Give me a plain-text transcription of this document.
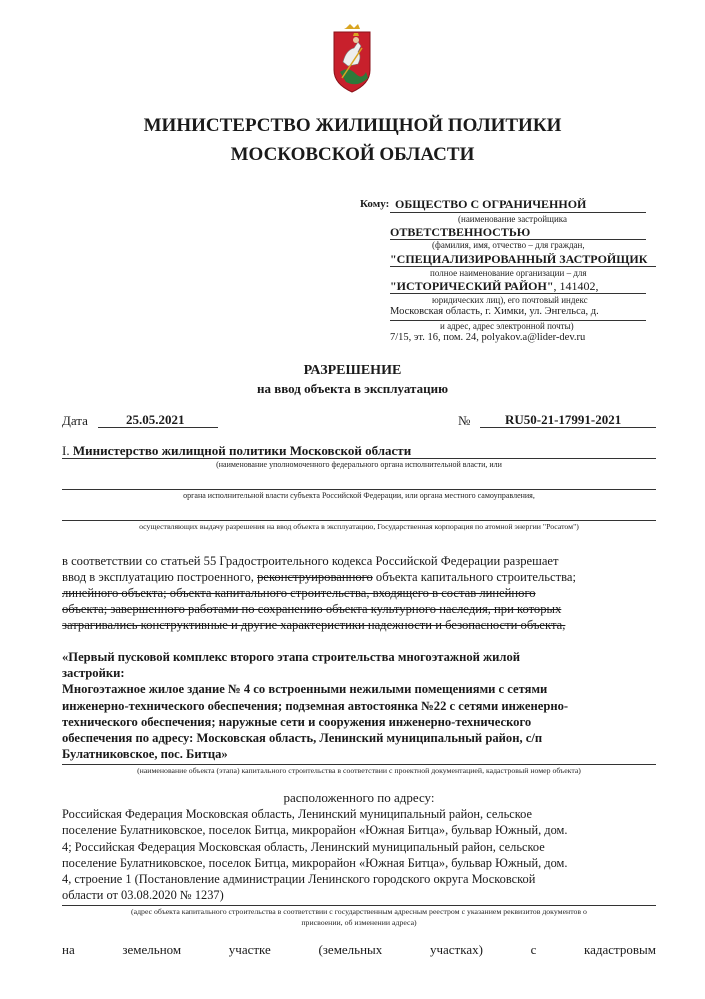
МИНИСТЕРСТВО ЖИЛИЩНОЙ ПОЛИТИКИ
МОСКОВСКОЙ ОБЛАСТИ
Кому: ОБЩЕСТВО С ОГРАНИЧЕННОЙ
(наименование застройщика
ОТВЕТСТВЕННОСТЬЮ
(фамилия, имя, отчество – для граждан,
"СПЕЦИАЛИЗИРОВАННЫЙ ЗАСТРОЙЩИК
полное наименование организации – для
"ИСТОРИЧЕСКИЙ РАЙОН", 141402,
юридических лиц), его почтовый индекс
Московская область, г. Химки, ул. Энгельса, д.
и адрес, адрес электронной почты)
7/15, эт. 16, пом. 24, polyakov.a@lider-dev.ru
РАЗРЕШЕНИЕ
на ввод объекта в эксплуатацию
Дата	25.05.2021	№	RU50-21-17991-2021
I. Министерство жилищной политики Московской области
(наименование уполномоченного федерального органа исполнительной власти, или
органа исполнительной власти субъекта Российской Федерации, или органа местного самоуправления,
осуществляющих выдачу разрешения на ввод объекта в эксплуатацию, Государственная корпорация по атомной энергии "Росатом")
в соответствии со статьей 55 Градостроительного кодекса Российской Федерации разрешает
ввод в эксплуатацию построенного, реконструированного объекта капитального строительства;
линейного объекта; объекта капитального строительства, входящего в состав линейного
объекта; завершенного работами по сохранению объекта культурного наследия, при которых
затрагивались конструктивные и другие характеристики надежности и безопасности объекта,
«Первый пусковой комплекс второго этапа строительства многоэтажной жилой
застройки:
Многоэтажное жилое здание № 4 со встроенными нежилыми помещениями с сетями
инженерно-технического обеспечения; подземная автостоянка №22 с сетями инженерно-
технического обеспечения; наружные сети и сооружения инженерно-технического
обеспечения по адресу: Московская область, Ленинский муниципальный район, с/п
Булатниковское, пос. Битца»
(наименование объекта (этапа) капитального строительства в соответствии с проектной документацией, кадастровый номер объекта)
расположенного по адресу:
Российская Федерация Московская область, Ленинский муниципальный район, сельское
поселение Булатниковское, поселок Битца, микрорайон «Южная Битца», бульвар Южный, дом.
4; Российская Федерация Московская область, Ленинский муниципальный район, сельское
поселение Булатниковское, поселок Битца, микрорайон «Южная Битца», бульвар Южный, дом.
4, строение 1 (Постановление администрации Ленинского городского округа Московской
области от 03.08.2020 № 1237)
(адрес объекта капитального строительства в соответствии с государственным адресным реестром с указанием реквизитов документов о
присвоении, об изменении адреса)
на	земельном	участке	(земельных	участках)	с	кадастровым
